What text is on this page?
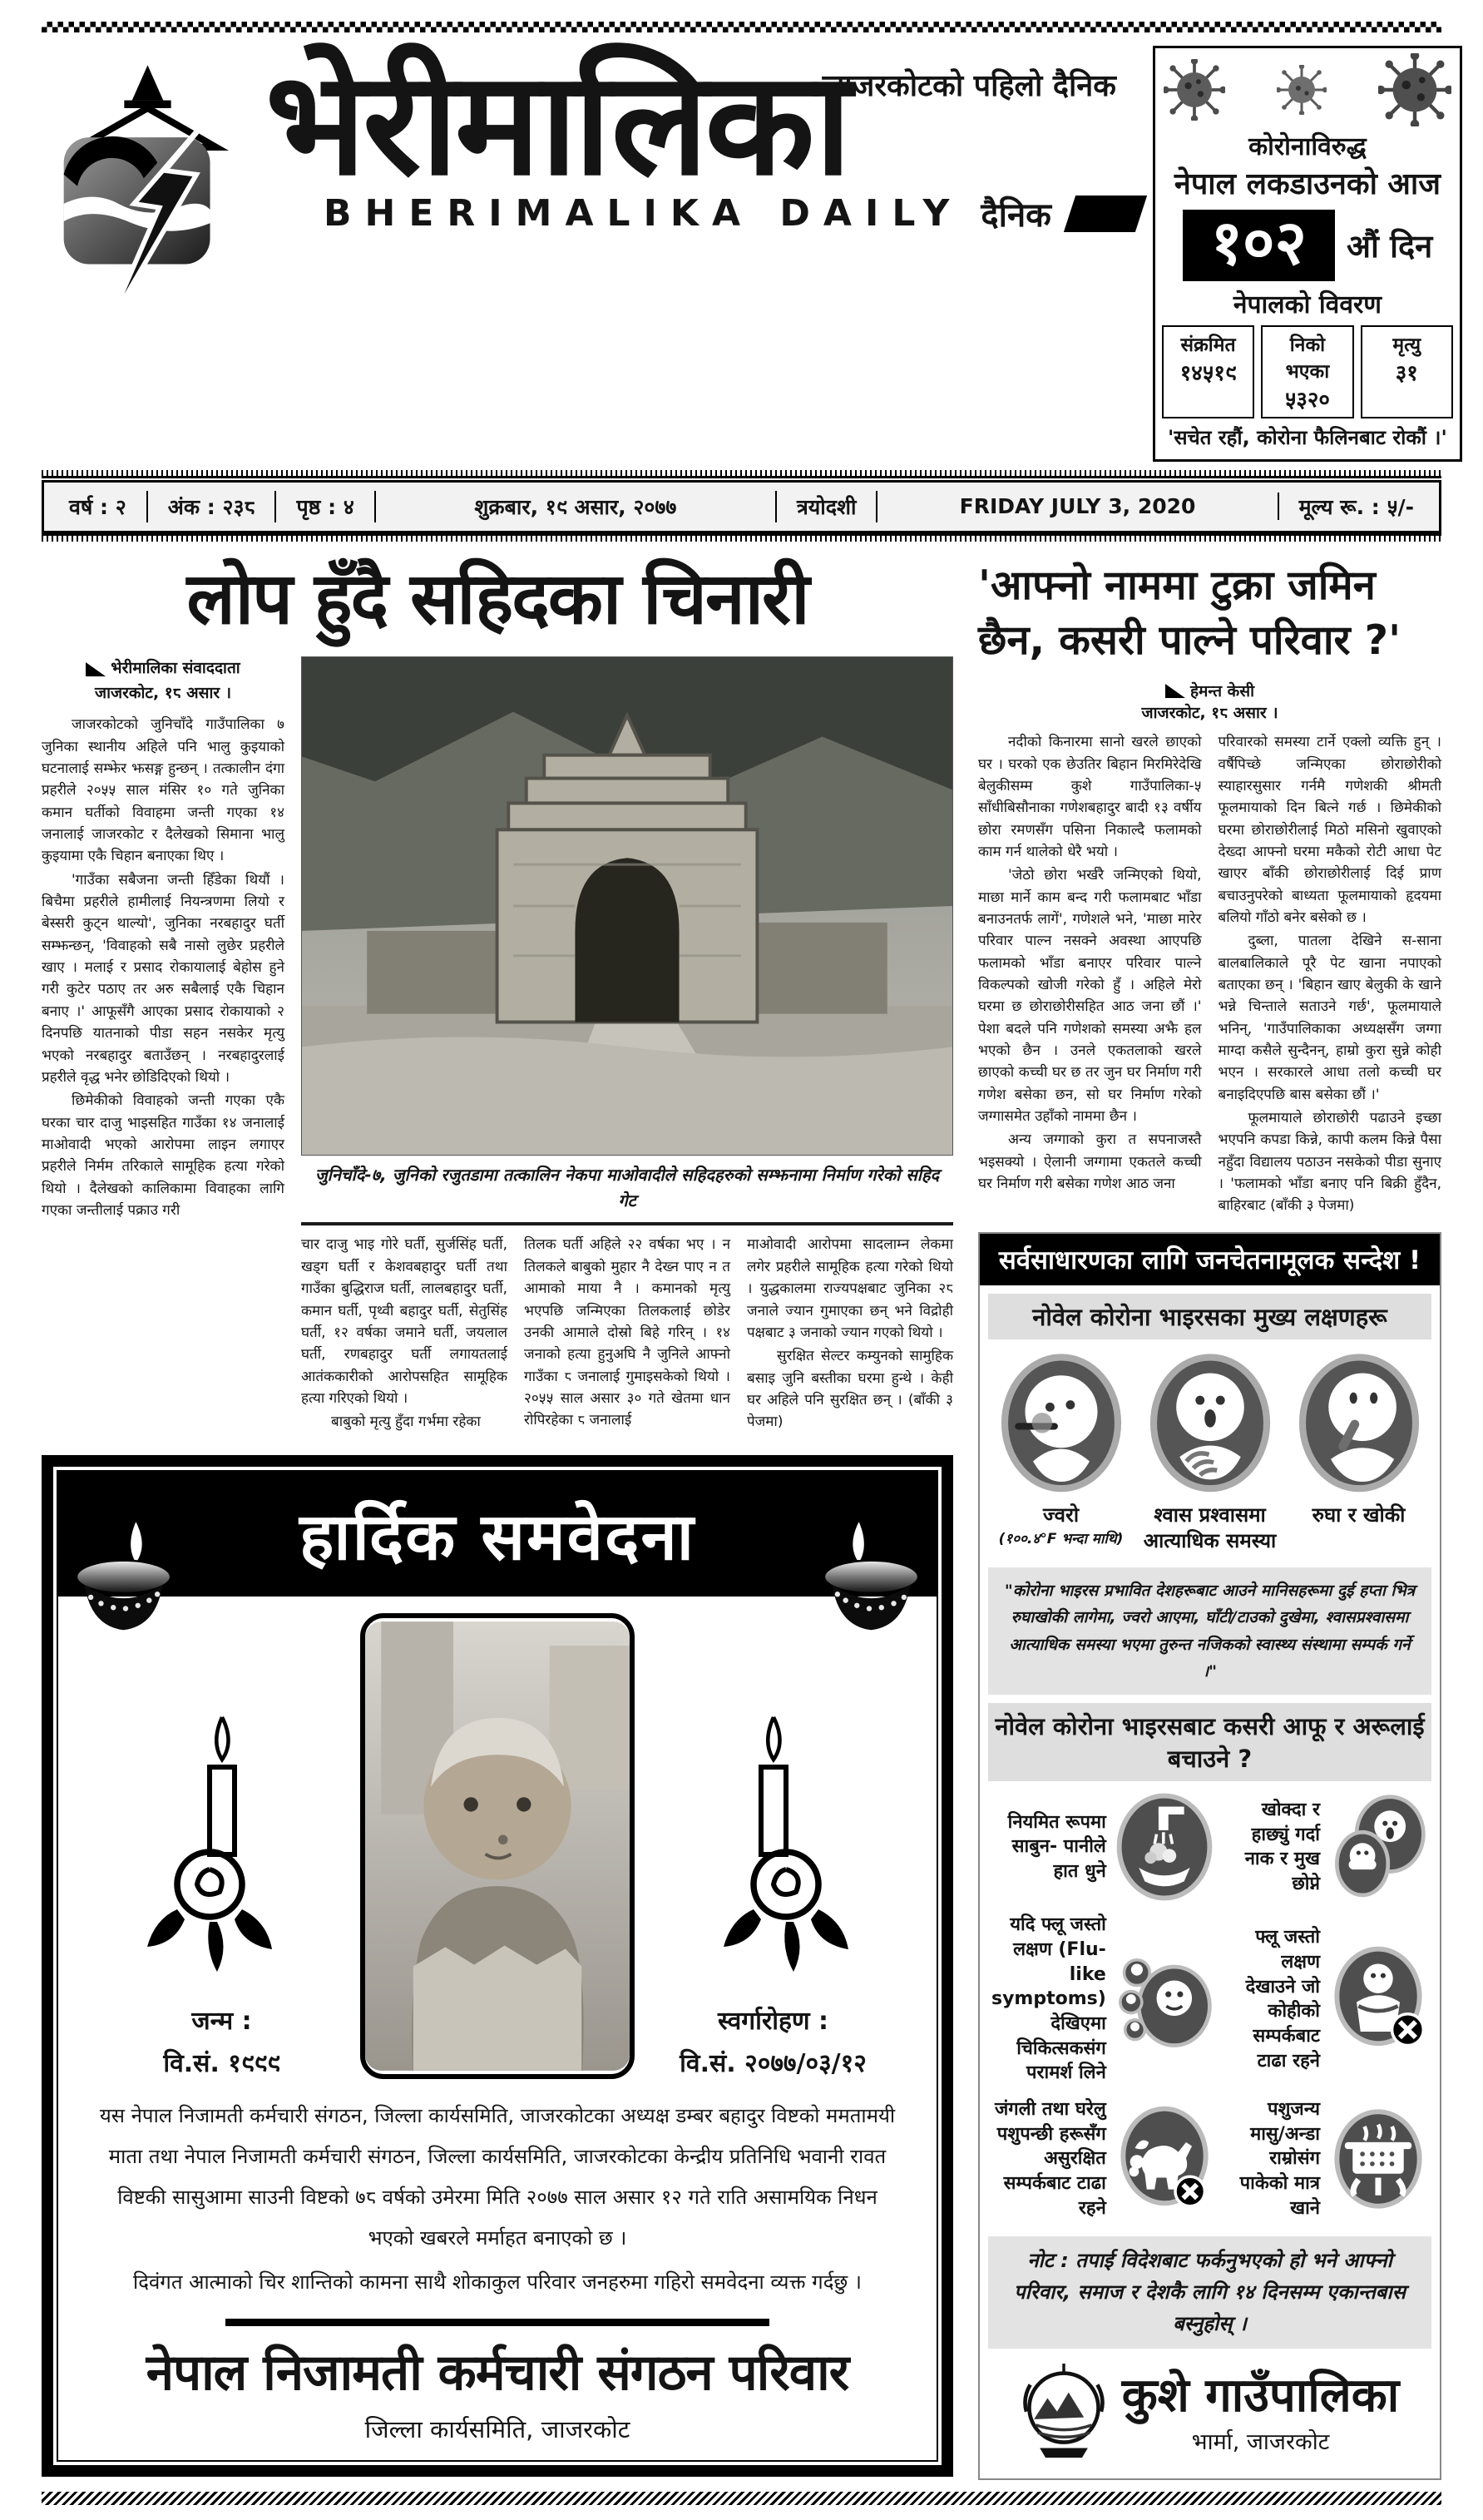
जाजरकोटको पहिलो दैनिक
भेरीमालिका
BHERIMALIKA DAILY दैनिक
कोरोनाविरुद्ध
नेपाल लकडाउनको आज
१०२	औं दिन
नेपालको विवरण
संक्रमित
१४५१९
निको भएका
५३२०
मृत्यु
३१
'सचेत रहौं, कोरोना फैलिनबाट रोकौं ।'
वर्ष : २	अंक : २३८	पृष्ठ : ४	शुक्रबार, १९ असार, २०७७	त्रयोदशी	FRIDAY JULY 3, 2020	मूल्य रू. : ५/-
लोप हुँदै सहिदका चिनारी
भेरीमालिका संवाददाता
जाजरकोट, १८ असार ।

जाजरकोटको जुनिचाँदे गाउँपालिका ७ जुनिका स्थानीय अहिले पनि भालु कुइयाको घटनालाई सम्झेर झसङ्ग हुन्छन् । तत्कालीन दंगा प्रहरीले २०५५ साल मंसिर १० गते जुनिका कमान घर्तीको विवाहमा जन्ती गएका १४ जनालाई जाजरकोट र दैलेखको सिमाना भालु कुइयामा एकै चिहान बनाएका थिए ।

'गाउँका सबैजना जन्ती हिँडेका थियौं । बिचैमा प्रहरीले हामीलाई नियन्त्रणमा लियो र बेस्सरी कुट्न थाल्यो', जुनिका नरबहादुर घर्ती सम्झन्छन्, 'विवाहको सबै नासो लुछेर प्रहरीले खाए । मलाई र प्रसाद रोकायालाई बेहोस हुने गरी कुटेर पठाए तर अरु सबैलाई एकै चिहान बनाए ।' आफूसँगै आएका प्रसाद रोकायाको २ दिनपछि यातनाको पीडा सहन नसकेर मृत्यु भएको नरबहादुर बताउँछन् । नरबहादुरलाई प्रहरीले वृद्ध भनेर छोडिदिएको थियो ।

छिमेकीको विवाहको जन्ती गएका एकै घरका चार दाजु भाइसहित गाउँका १४ जनालाई माओवादी भएको आरोपमा लाइन लगाएर प्रहरीले निर्मम तरिकाले सामूहिक हत्या गरेको थियो । दैलेखको कालिकामा विवाहका लागि गएका जन्तीलाई पक्राउ गरी

जुनिचाँदे-७, जुनिको रजुतडामा तत्कालिन नेकपा माओवादीले सहिदहरुको सम्झनामा निर्माण गरेको सहिद गेट

चार दाजु भाइ गोरे घर्ती, सुर्जसिंह घर्ती, खड्ग घर्ती र केशवबहादुर घर्ती तथा गाउँका बुद्धिराज घर्ती, लालबहादुर घर्ती, कमान घर्ती, पृथ्वी बहादुर घर्ती, सेतुसिंह घर्ती, १२ वर्षका जमाने घर्ती, जयलाल घर्ती, रणबहादुर घर्ती लगायतलाई आतंककारीको आरोपसहित सामूहिक हत्या गरिएको थियो ।

बाबुको मृत्यु हुँदा गर्भमा रहेका

तिलक घर्ती अहिले २२ वर्षका भए । न तिलकले बाबुको मुहार नै देख्न पाए न त आमाको माया नै । कमानको मृत्यु भएपछि जन्मिएका तिलकलाई छोडेर उनकी आमाले दोस्रो बिहे गरिन् । १४ जनाको हत्या हुनुअघि नै जुनिले आफ्नो गाउँका ८ जनालाई गुमाइसकेको थियो । २०५५ साल असार ३० गते खेतमा धान रोपिरहेका ८ जनालाई

माओवादी आरोपमा सादलाम्न लेकमा लगेर प्रहरीले सामूहिक हत्या गरेको थियो । युद्धकालमा राज्यपक्षबाट जुनिका २८ जनाले ज्यान गुमाएका छन् भने विद्रोही पक्षबाट ३ जनाको ज्यान गएको थियो ।

सुरक्षित सेल्टर कम्युनको सामुहिक बसाइ जुनि बस्तीका घरमा हुन्थे । केही घर अहिले पनि सुरक्षित छन् । (बाँकी ३ पेजमा)

हार्दिक समवेदना
जन्म :
वि.सं. १९९९
स्वर्गारोहण :
वि.सं. २०७७/०३/१२
यस नेपाल निजामती कर्मचारी संगठन, जिल्ला कार्यसमिति, जाजरकोटका अध्यक्ष डम्बर बहादुर विष्टको ममतामयी माता तथा नेपाल निजामती कर्मचारी संगठन, जिल्ला कार्यसमिति, जाजरकोटका केन्द्रीय प्रतिनिधि भवानी रावत विष्टकी सासुआमा साउनी विष्टको ७८ वर्षको उमेरमा मिति २०७७ साल असार १२ गते राति असामयिक निधन भएको खबरले मर्माहत बनाएको छ ।
दिवंगत आत्माको चिर शान्तिको कामना साथै शोकाकुल परिवार जनहरुमा गहिरो समवेदना व्यक्त गर्दछु ।
नेपाल निजामती कर्मचारी संगठन परिवार
जिल्ला कार्यसमिति, जाजरकोट
'आफ्नो नाममा टुक्रा जमिन छैन, कसरी पाल्ने परिवार ?'
हेमन्त केसी
जाजरकोट, १८ असार ।

नदीको किनारमा सानो खरले छाएको घर । घरको एक छेउतिर बिहान मिरमिरेदेखि बेलुकीसम्म कुशे गाउँपालिका-५ साँधीबिसौनाका गणेशबहादुर बादी १३ वर्षीय छोरा रमणसँग पसिना निकाल्दै फलामको काम गर्न थालेको धेरै भयो ।

'जेठो छोरा भर्खरै जन्मिएको थियो, माछा मार्ने काम बन्द गरी फलामबाट भाँडा बनाउनतर्फ लागें', गणेशले भने, 'माछा मारेर परिवार पाल्न नसक्ने अवस्था आएपछि फलामको भाँडा बनाएर परिवार पाल्ने विकल्पको खोजी गरेको हुँ । अहिले मेरो घरमा छ छोराछोरीसहित आठ जना छौं ।' पेशा बदले पनि गणेशको समस्या अझै हल भएको छैन । उनले एकतलाको खरले छाएको कच्ची घर छ तर जुन घर निर्माण गरी गणेश बसेका छन, सो घर निर्माण गरेको जग्गासमेत उहाँको नाममा छैन ।

अन्य जग्गाको कुरा त सपनाजस्तै भइसक्यो । ऐलानी जग्गामा एकतले कच्ची घर निर्माण गरी बसेका गणेश आठ जना

परिवारको समस्या टार्ने एक्लो व्यक्ति हुन् । वर्षैपिच्छे जन्मिएका छोराछोरीको स्याहारसुसार गर्नमै गणेशकी श्रीमती फूलमायाको दिन बित्ने गर्छ । छिमेकीको घरमा छोराछोरीलाई मिठो मसिनो खुवाएको देख्दा आफ्नो घरमा मकैको रोटी आधा पेट खाएर बाँकी छोराछोरीलाई दिई प्राण बचाउनुपरेको बाध्यता फूलमायाको हृदयमा बलियो गाँठो बनेर बसेको छ ।

दुब्ला, पातला देखिने स-साना बालबालिकाले पूरै पेट खाना नपाएको बताएका छन् । 'बिहान खाए बेलुकी के खाने भन्ने चिन्ताले सताउने गर्छ', फूलमायाले भनिन्, 'गाउँपालिकाका अध्यक्षसँग जग्गा माग्दा कसैले सुन्दैनन्, हाम्रो कुरा सुन्ने कोही भएन । सरकारले आधा तलो कच्ची घर बनाइदिएपछि बास बसेका छौं ।'

फूलमायाले छोराछोरी पढाउने इच्छा भएपनि कपडा किन्ने, कापी कलम किन्ने पैसा नहुँदा विद्यालय पठाउन नसकेको पीडा सुनाए । 'फलामको भाँडा बनाए पनि बिक्री हुँदैन, बाहिरबाट (बाँकी ३ पेजमा)

सर्वसाधारणका लागि जनचेतनामूलक सन्देश !
नोवेल कोरोना भाइरसका मुख्य लक्षणहरू
ज्वरो
(१००.४°F भन्दा माथि)
श्वास प्रश्वासमा आत्याधिक समस्या
रुघा र खोकी
"कोरोना भाइरस प्रभावित देशहरूबाट आउने मानिसहरूमा दुई हप्ता भित्र रुघाखोकी लागेमा, ज्वरो आएमा, घाँटी/टाउको दुखेमा, श्वासप्रश्वासमा आत्याधिक समस्या भएमा तुरुन्त नजिकको स्वास्थ्य संस्थामा सम्पर्क गर्ने ।"
नोवेल कोरोना भाइरसबाट कसरी आफू र अरूलाई बचाउने ?
नियमित रूपमा साबुन- पानीले हात धुने
खोक्दा र हाछ्युं गर्दा नाक र मुख छोप्ने
यदि फ्लू जस्तो लक्षण (Flu-like symptoms) देखिएमा चिकित्सकसंग परामर्श लिने
फ्लू जस्तो लक्षण देखाउने जो कोहीको सम्पर्कबाट टाढा रहने
जंगली तथा घरेलु पशुपन्छी हरूसँग असुरक्षित सम्पर्कबाट टाढा रहने
पशुजन्य मासु/अन्डा राम्रोसंग पाकेको मात्र खाने
नोट : तपाई विदेशबाट फर्कनुभएको हो भने आफ्नो परिवार, समाज र देशकै लागि १४ दिनसम्म एकान्तबास बस्नुहोस् ।
कुशे गाउँपालिका
भार्मा, जाजरकोट
